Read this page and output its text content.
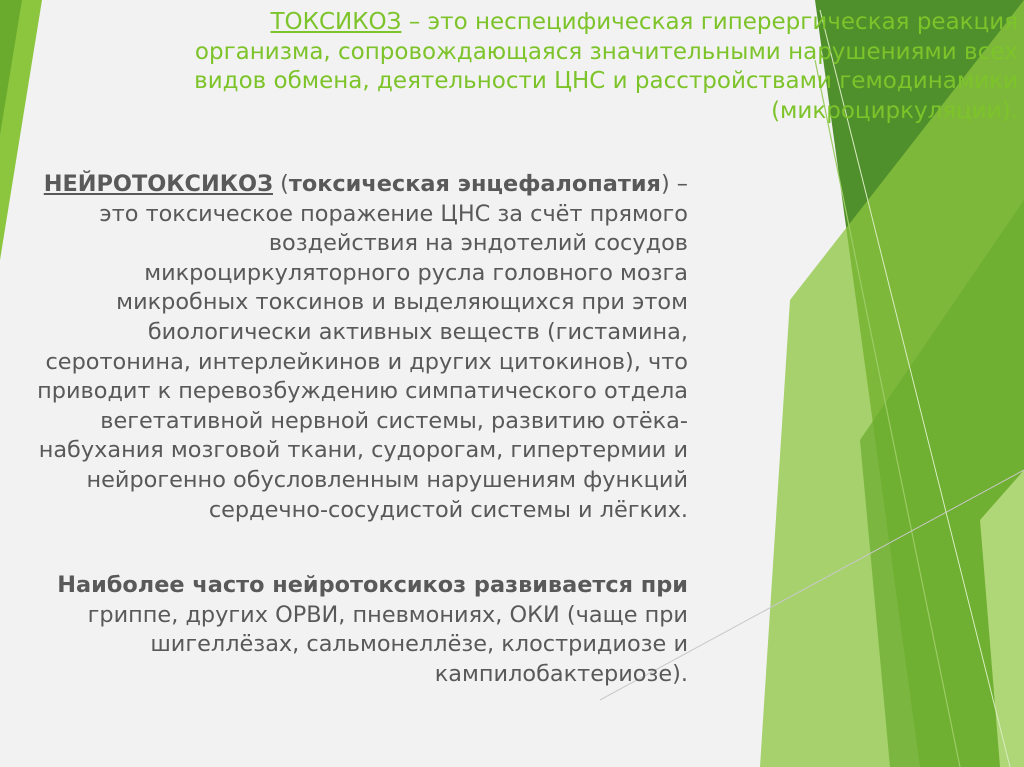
ТОКСИКОЗ – это неспецифическая гиперергическая реакция организма, сопровождающаяся значительными нарушениями всех видов обмена, деятельности ЦНС и расстройствами гемодинамики (микроциркуляции).
НЕЙРОТОКСИКОЗ (токсическая энцефалопатия) – это токсическое поражение ЦНС за счёт прямого воздействия на эндотелий сосудов микроциркуляторного русла головного мозга микробных токсинов и выделяющихся при этом биологически активных веществ (гистамина, серотонина, интерлейкинов и других цитокинов), что приводит к перевозбуждению симпатического отдела вегетативной нервной системы, развитию отёка-набухания мозговой ткани, судорогам, гипертермии и нейрогенно обусловленным нарушениям функций сердечно-сосудистой системы и лёгких.
Наиболее часто нейротоксикоз развивается при гриппе, других ОРВИ, пневмониях, ОКИ (чаще при шигеллёзах, сальмонеллёзе, клостридиозе и кампилобактериозе).
